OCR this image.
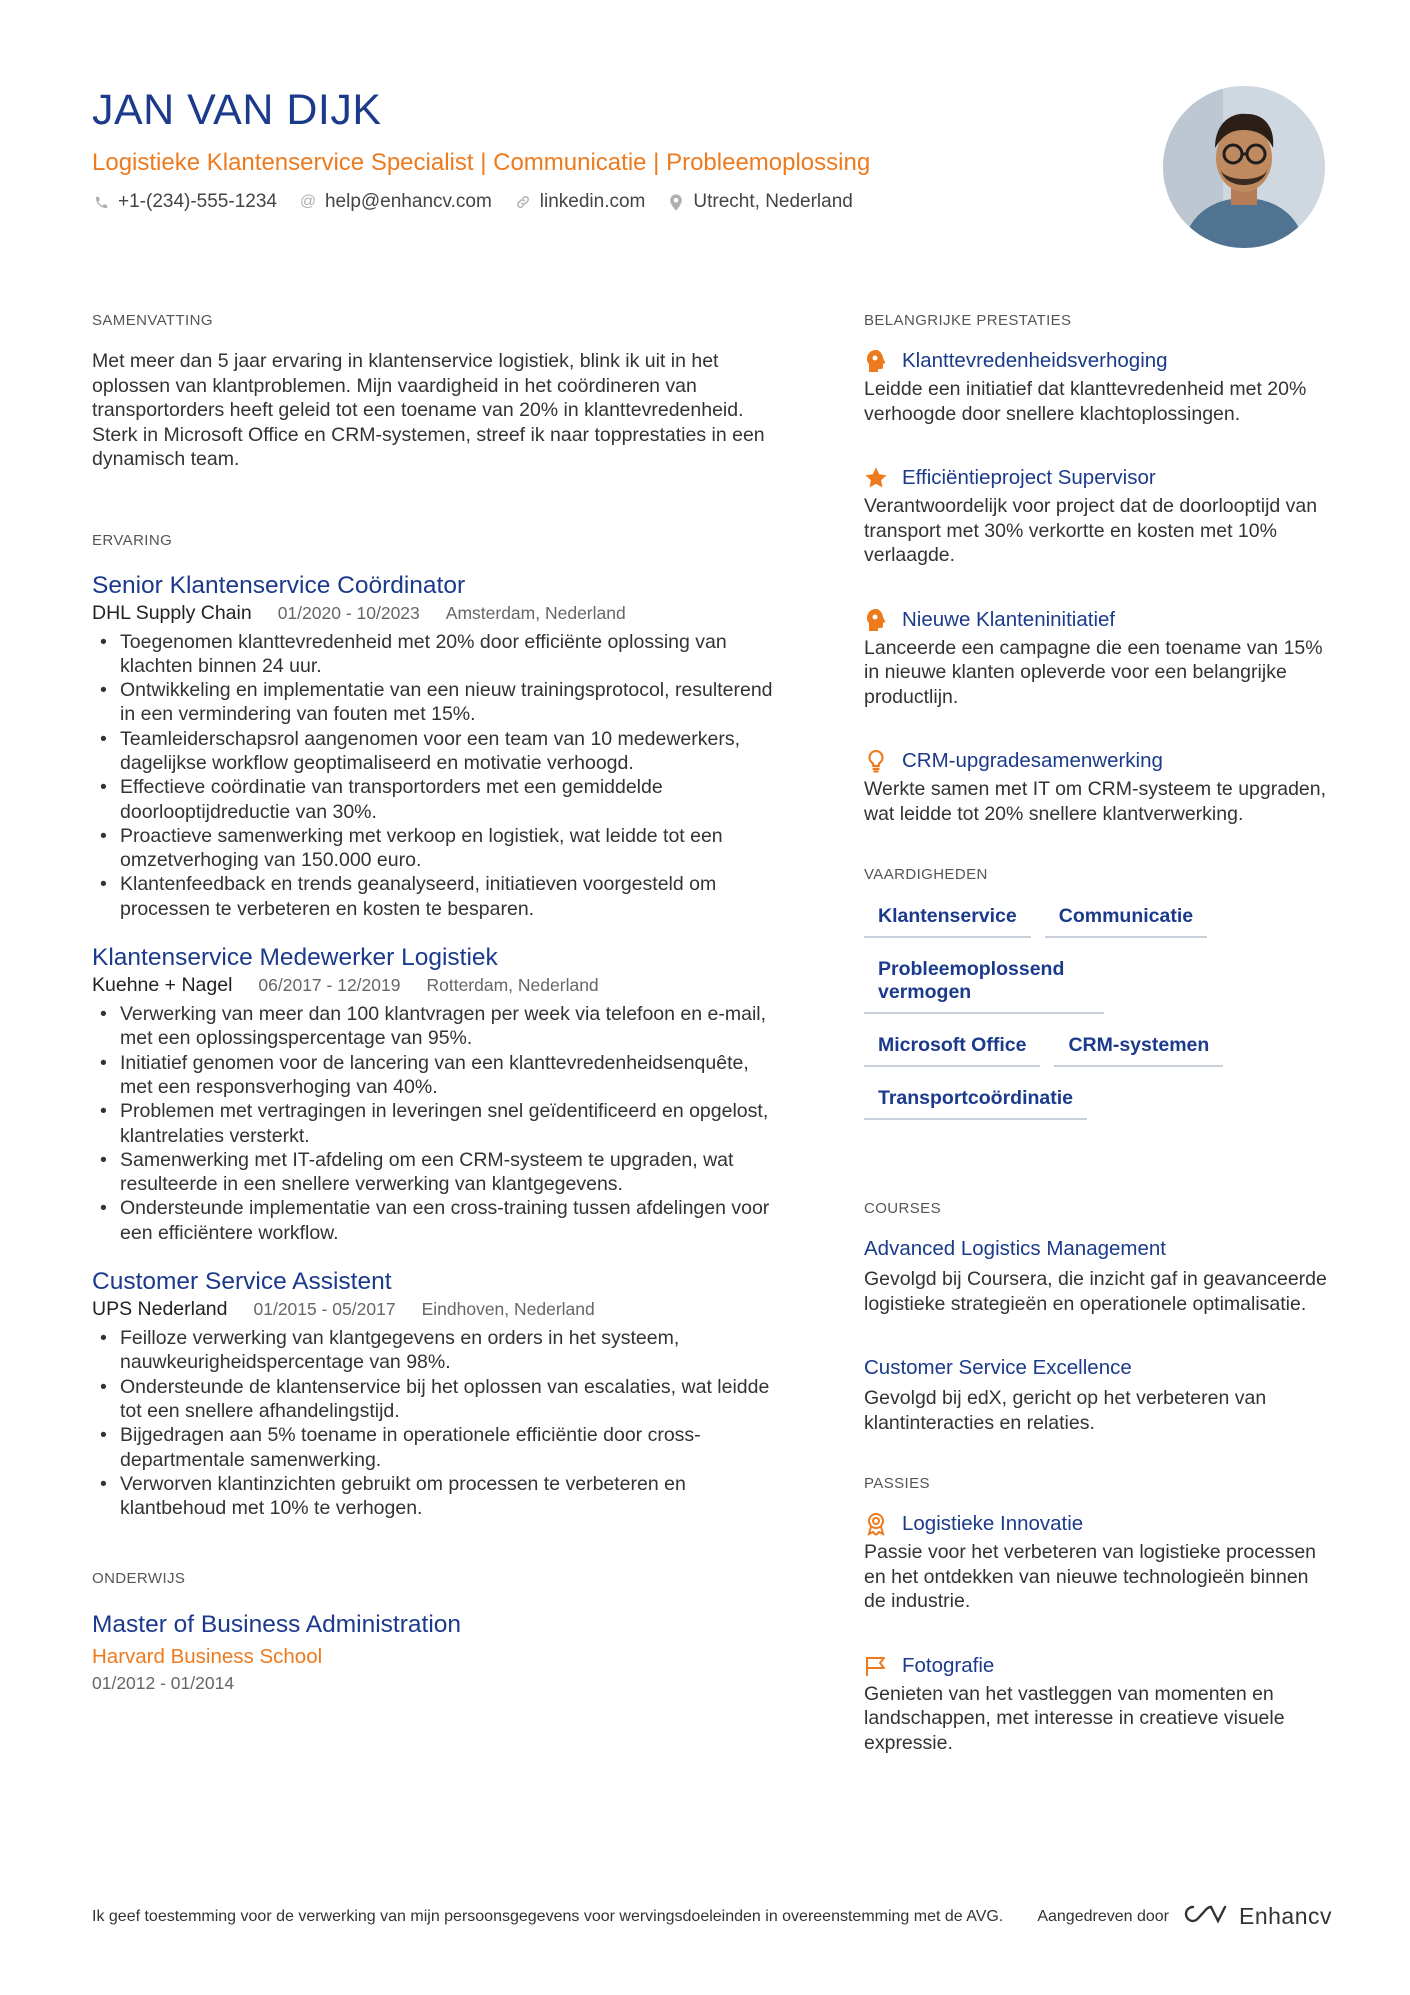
JAN VAN DIJK
Logistieke Klantenservice Specialist | Communicatie | Probleemoplossing
+1-(234)-555-1234 @ help@enhancv.com	linkedin.com	Utrecht, Nederland
SAMENVATTING

Met meer dan 5 jaar ervaring in klantenservice logistiek, blink ik uit in het oplossen van klantproblemen. Mijn vaardigheid in het coördineren van transportorders heeft geleid tot een toename van 20% in klanttevredenheid. Sterk in Microsoft Office en CRM-systemen, streef ik naar topprestaties in een dynamisch team.

ERVARING
Senior Klantenservice Coördinator
DHL Supply Chain 01/2020 - 10/2023 Amsterdam, Nederland
• Toegenomen klanttevredenheid met 20% door efficiënte oplossing van klachten binnen 24 uur.
• Ontwikkeling en implementatie van een nieuw trainingsprotocol, resulterend in een vermindering van fouten met 15%.
• Teamleiderschapsrol aangenomen voor een team van 10 medewerkers, dagelijkse workflow geoptimaliseerd en motivatie verhoogd.
• Effectieve coördinatie van transportorders met een gemiddelde doorlooptijdreductie van 30%.
• Proactieve samenwerking met verkoop en logistiek, wat leidde tot een omzetverhoging van 150.000 euro.
• Klantenfeedback en trends geanalyseerd, initiatieven voorgesteld om processen te verbeteren en kosten te besparen.
Klantenservice Medewerker Logistiek
Kuehne + Nagel 06/2017 - 12/2019 Rotterdam, Nederland
• Verwerking van meer dan 100 klantvragen per week via telefoon en e-mail, met een oplossingspercentage van 95%.
• Initiatief genomen voor de lancering van een klanttevredenheidsenquête, met een responsverhoging van 40%.
• Problemen met vertragingen in leveringen snel geïdentificeerd en opgelost, klantrelaties versterkt.
• Samenwerking met IT-afdeling om een CRM-systeem te upgraden, wat resulteerde in een snellere verwerking van klantgegevens.
• Ondersteunde implementatie van een cross-training tussen afdelingen voor een efficiëntere workflow.
Customer Service Assistent
UPS Nederland 01/2015 - 05/2017 Eindhoven, Nederland
• Feilloze verwerking van klantgegevens en orders in het systeem, nauwkeurigheidspercentage van 98%.
• Ondersteunde de klantenservice bij het oplossen van escalaties, wat leidde tot een snellere afhandelingstijd.
• Bijgedragen aan 5% toename in operationele efficiëntie door cross-departmentale samenwerking.
• Verworven klantinzichten gebruikt om processen te verbeteren en klantbehoud met 10% te verhogen.
ONDERWIJS
Master of Business Administration
Harvard Business School
01/2012 - 01/2014
BELANGRIJKE PRESTATIES
Klanttevredenheidsverhoging
Leidde een initiatief dat klanttevredenheid met 20% verhoogde door snellere klachtoplossingen.
Efficiëntieproject Supervisor
Verantwoordelijk voor project dat de doorlooptijd van transport met 30% verkortte en kosten met 10% verlaagde.
Nieuwe Klanteninitiatief
Lanceerde een campagne die een toename van 15% in nieuwe klanten opleverde voor een belangrijke productlijn.
CRM-upgradesamenwerking
Werkte samen met IT om CRM-systeem te upgraden, wat leidde tot 20% snellere klantverwerking.
VAARDIGHEDEN
Klantenservice	Communicatie
Probleemoplossend vermogen
Microsoft Office	CRM-systemen
Transportcoördinatie
COURSES
Advanced Logistics Management
Gevolgd bij Coursera, die inzicht gaf in geavanceerde logistieke strategieën en operationele optimalisatie.
Customer Service Excellence
Gevolgd bij edX, gericht op het verbeteren van klantinteracties en relaties.
PASSIES
Logistieke Innovatie
Passie voor het verbeteren van logistieke processen en het ontdekken van nieuwe technologieën binnen de industrie.
Fotografie
Genieten van het vastleggen van momenten en landschappen, met interesse in creatieve visuele expressie.
Ik geef toestemming voor de verwerking van mijn persoonsgegevens voor wervingsdoeleinden in overeenstemming met de AVG.	Aangedreven door	Enhancv
